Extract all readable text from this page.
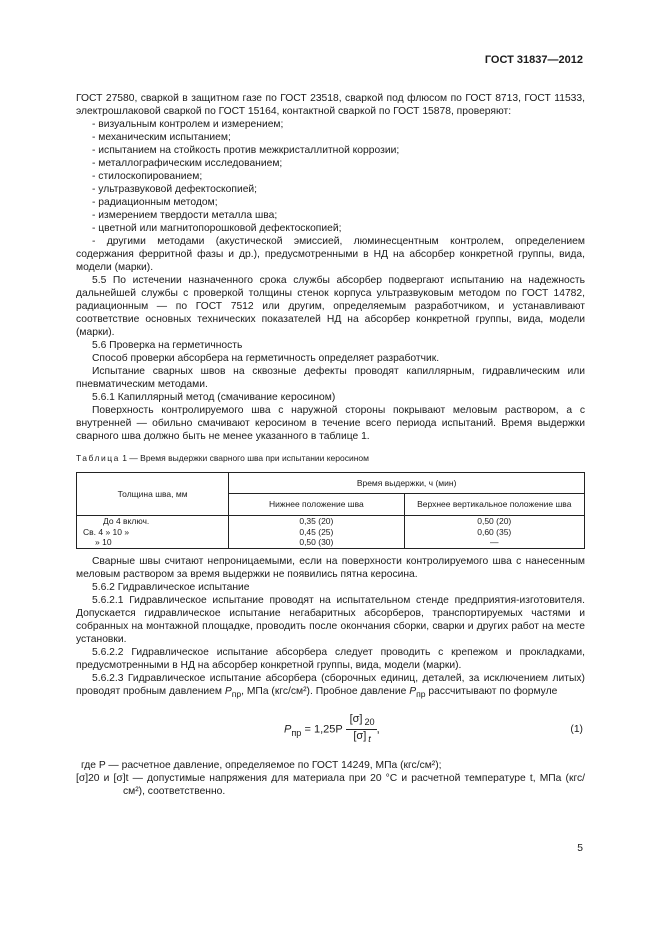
ГОСТ 31837—2012

ГОСТ 27580, сваркой в защитном газе по ГОСТ 23518, сваркой под флюсом по ГОСТ 8713, ГОСТ 11533, электрошлаковой сваркой по ГОСТ 15164, контактной сваркой по ГОСТ 15878, проверяют:

- визуальным контролем и измерением;
- механическим испытанием;
- испытанием на стойкость против межкристаллитной коррозии;
- металлографическим исследованием;
- стилоскопированием;
- ультразвуковой дефектоскопией;
- радиационным методом;
- измерением твердости металла шва;
- цветной или магнитопорошковой дефектоскопией;
- другими методами (акустической эмиссией, люминесцентным контролем, определением содержания ферритной фазы и др.), предусмотренными в НД на абсорбер конкретной группы, вида, модели (марки).

5.5 По истечении назначенного срока службы абсорбер подвергают испытанию на надежность дальнейшей службы с проверкой толщины стенок корпуса ультразвуковым методом по ГОСТ 14782, радиационным — по ГОСТ 7512 или другим, определяемым разработчиком, и устанавливают соответствие основных технических показателей НД на абсорбер конкретной группы, вида, модели (марки).

5.6 Проверка на герметичность

Способ проверки абсорбера на герметичность определяет разработчик.

Испытание сварных швов на сквозные дефекты проводят капиллярным, гидравлическим или пневматическим методами.

5.6.1 Капиллярный метод (смачивание керосином)

Поверхность контролируемого шва с наружной стороны покрывают меловым раствором, а с внутренней — обильно смачивают керосином в течение всего периода испытаний. Время выдержки сварного шва должно быть не менее указанного в таблице 1.

Таблица 1 — Время выдержки сварного шва при испытании керосином
Толщина шва, мм	Время выдержки, ч (мин)	
	Нижнее положение шва	Верхнее вертикальное положение шва
До 4 включ.	0,35 (20)	0,50 (20)
Св. 4 » 10 »	0,45 (25)	0,60 (35)
» 10	0,50 (30)	—

Сварные швы считают непроницаемыми, если на поверхности контролируемого шва с нанесенным меловым раствором за время выдержки не появились пятна керосина.

5.6.2 Гидравлическое испытание

5.6.2.1 Гидравлическое испытание проводят на испытательном стенде предприятия-изготовителя. Допускается гидравлическое испытание негабаритных абсорберов, транспортируемых частями и собранных на монтажной площадке, проводить после окончания сборки, сварки и других работ на месте установки.

5.6.2.2 Гидравлическое испытание абсорбера следует проводить с крепежом и прокладками, предусмотренными в НД на абсорбер конкретной группы, вида, модели (марки).

5.6.2.3 Гидравлическое испытание абсорбера (сборочных единиц, деталей, за исключением литых) проводят пробным давлением $P_{пр}$, МПа (кгс/см²). Пробное давление $P_{пр}$ рассчитывают по формуле

$P_{пр} = 1,25P \frac{[\sigma] _{20}}{[\sigma] _t}$ ,	(1)

где P — расчетное давление, определяемое по ГОСТ 14249, МПа (кгс/см²);

[σ]20 и [σ]t — допустимые напряжения для материала при 20 °С и расчетной температуре t, МПа (кгс/см²), соответственно.

5
